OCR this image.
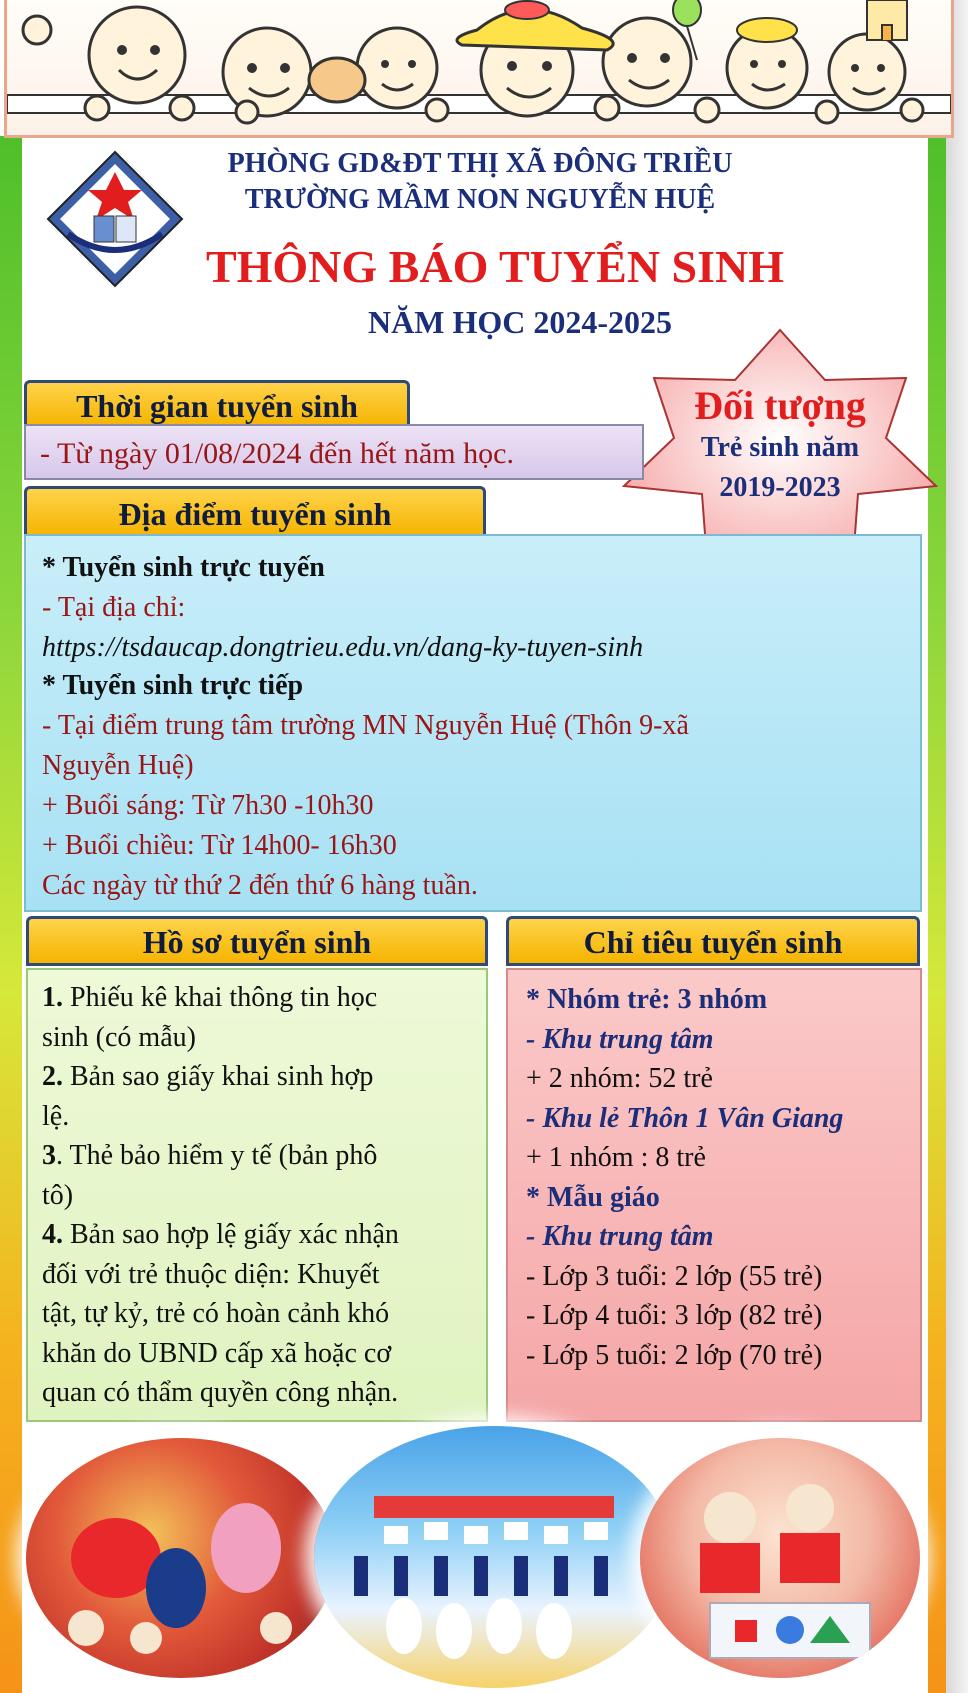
PHÒNG GD&ĐT THỊ XÃ ĐÔNG TRIỀU
TRƯỜNG MẦM NON NGUYỄN HUỆ
THÔNG BÁO TUYỂN SINH
NĂM HỌC 2024-2025
Đối tượng
Trẻ sinh năm
2019-2023
Thời gian tuyển sinh
- Từ ngày 01/08/2024 đến hết năm học.
Địa điểm tuyển sinh
* Tuyển sinh trực tuyến
- Tại địa chỉ:
https://tsdaucap.dongtrieu.edu.vn/dang-ky-tuyen-sinh
* Tuyển sinh trực tiếp
- Tại điểm trung tâm trường MN Nguyễn Huệ (Thôn 9-xã
Nguyễn Huệ)
+ Buổi sáng: Từ 7h30 -10h30
+ Buổi chiều: Từ 14h00- 16h30
Các ngày từ thứ 2 đến thứ 6 hàng tuần.
Hồ sơ tuyển sinh
1. Phiếu kê khai thông tin học
sinh (có mẫu)
2. Bản sao giấy khai sinh hợp
lệ.
3. Thẻ bảo hiểm y tế (bản phô
tô)
4. Bản sao hợp lệ giấy xác nhận
đối với trẻ thuộc diện: Khuyết
tật, tự kỷ, trẻ có hoàn cảnh khó
khăn do UBND cấp xã hoặc cơ
quan có thẩm quyền công nhận.
Chỉ tiêu tuyển sinh
* Nhóm trẻ: 3 nhóm
- Khu trung tâm
+ 2 nhóm: 52 trẻ
- Khu lẻ Thôn 1 Vân Giang
+ 1 nhóm : 8 trẻ
* Mẫu giáo
- Khu trung tâm
- Lớp 3 tuổi: 2 lớp (55 trẻ)
- Lớp 4 tuổi: 3 lớp (82 trẻ)
- Lớp 5 tuổi: 2 lớp (70 trẻ)
